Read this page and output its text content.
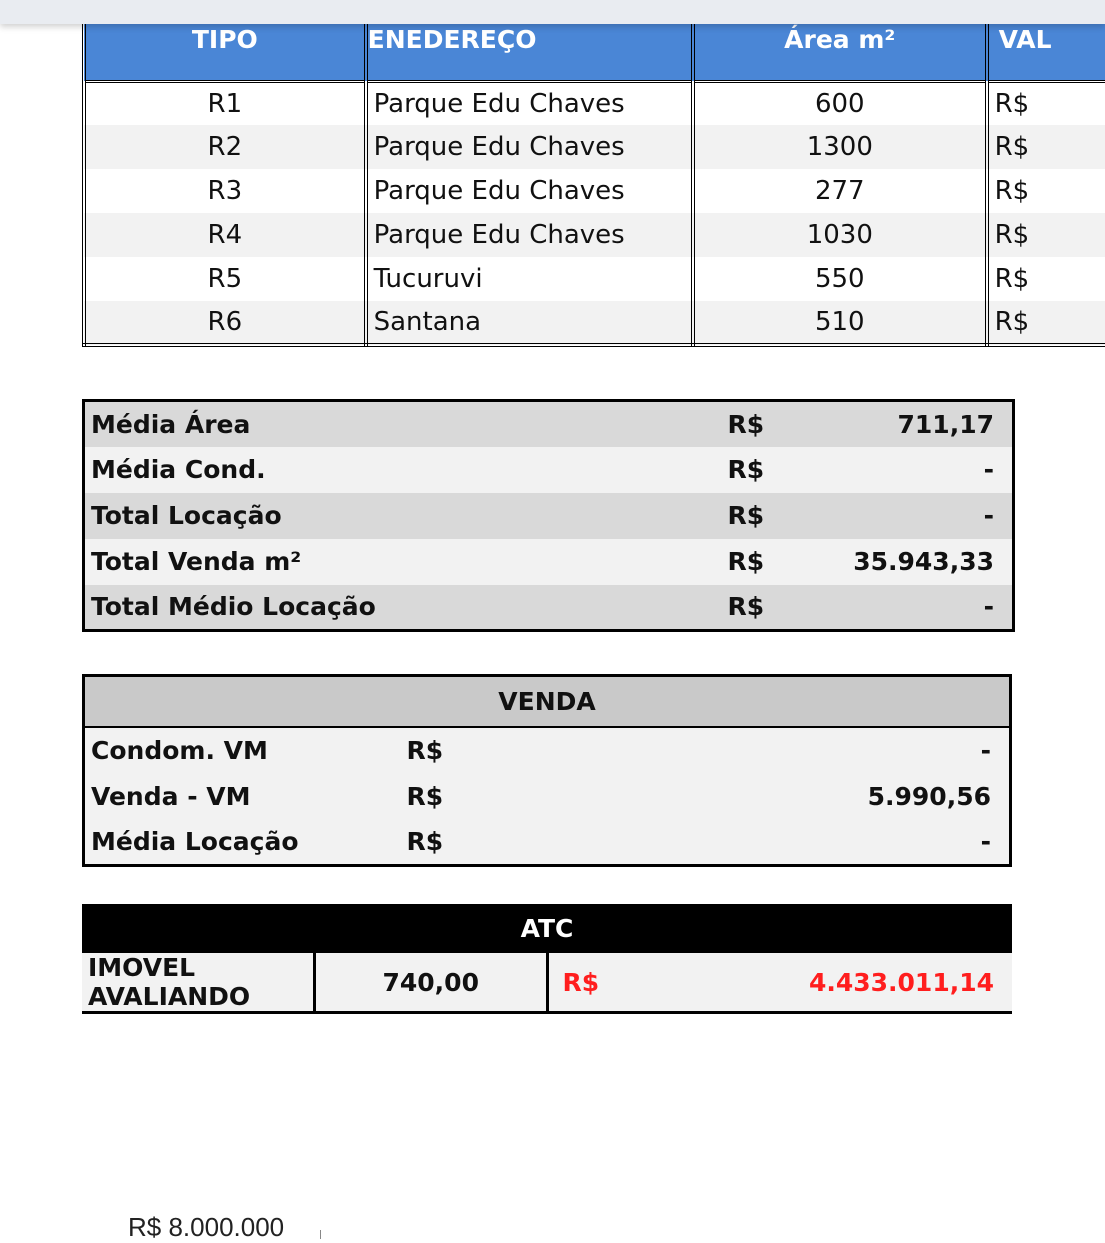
TIPO	ENEDEREÇO	Área m²	VAL
R1	Parque Edu Chaves	600	R$
R2	Parque Edu Chaves	1300	R$
R3	Parque Edu Chaves	277	R$
R4	Parque Edu Chaves	1030	R$
R5	Tucuruvi	550	R$
R6	Santana	510	R$
Média Área	R$	711,17
Média Cond.	R$	-
Total Locação	R$	-
Total Venda m²	R$	35.943,33
Total Médio Locação	R$	-
VENDA		
Condom. VM	R$	-
Venda - VM	R$	5.990,56
Média Locação	R$	-
ATC
IMOVEL AVALIANDO	740,00	R$	4.433.011,14
R$ 8.000.000
